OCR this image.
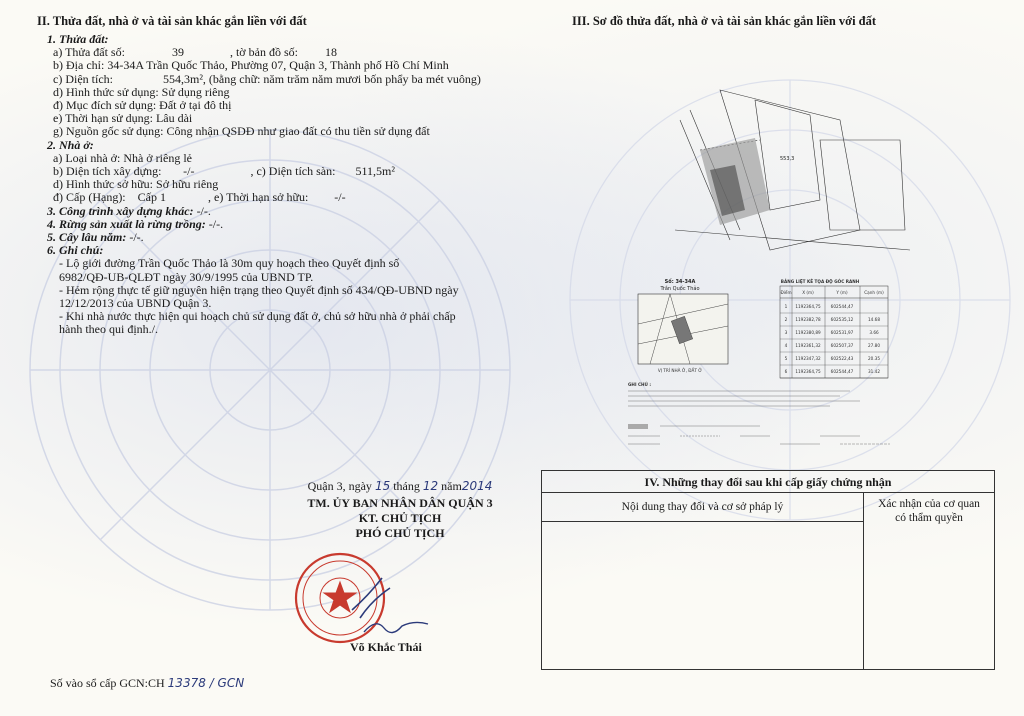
II. Thửa đất, nhà ở và tài sản khác gắn liền với đất
1. Thửa đất:
a) Thửa đất số:	39	, tờ bản đồ số: 18
b) Địa chỉ: 34-34A Trần Quốc Thảo, Phường 07, Quận 3, Thành phố Hồ Chí Minh
c) Diện tích:	554,3m², (bằng chữ: năm trăm năm mươi bốn phẩy ba mét vuông)
d) Hình thức sử dụng: Sử dụng riêng
đ) Mục đích sử dụng: Đất ở tại đô thị
e) Thời hạn sử dụng: Lâu dài
g) Nguồn gốc sử dụng: Công nhận QSDĐ như giao đất có thu tiền sử dụng đất
2. Nhà ở:
a) Loại nhà ở: Nhà ở riêng lẻ
b) Diện tích xây dựng: -/-	, c) Diện tích sàn: 511,5m²
d) Hình thức sở hữu: Sở hữu riêng
đ) Cấp (Hạng): Cấp 1	, e) Thời hạn sở hữu: -/-
3. Công trình xây dựng khác: -/-.
4. Rừng sản xuất là rừng trồng: -/-.
5. Cây lâu năm: -/-.
6. Ghi chú:
- Lộ giới đường Trần Quốc Thảo là 30m quy hoạch theo Quyết định số
6982/QĐ-UB-QLĐT ngày 30/9/1995 của UBND TP.
- Hẻm rộng thực tế giữ nguyên hiện trạng theo Quyết định số 434/QĐ-UBND ngày
12/12/2013 của UBND Quận 3.
- Khi nhà nước thực hiện qui hoạch chủ sử dụng đất ở, chủ sở hữu nhà ở phải chấp
hành theo qui định./.
III. Sơ đồ thửa đất, nhà ở và tài sản khác gắn liền với đất
553,3
Số: 34-34A
Trần Quốc Thảo
VỊ TRÍ NHÀ Ở, ĐẤT Ở
BẢNG LIỆT KÊ TỌA ĐỘ GÓC RANH
Điểm	X (m)	Y (m)	Cạnh (m)
1 1192364,75 602544,47
2 1192382,78 602535,12	14.68
3 1192380,89 602531,97	3.66
4 1192361,32 602507,37	27.80
5 1192347,32 602522,43	20.35
6 1192364,75 602544,47	31.42
GHI CHÚ :
IV. Những thay đổi sau khi cấp giấy chứng nhận
Nội dung thay đổi và cơ sở pháp lý	Xác nhận của cơ quan
có thẩm quyền
Quận 3, ngày 15 tháng 12 năm2014
TM. ỦY BAN NHÂN DÂN QUẬN 3
KT. CHỦ TỊCH
PHÓ CHỦ TỊCH
Võ Khắc Thái
Số vào sổ cấp GCN:CH 13378 / GCN
